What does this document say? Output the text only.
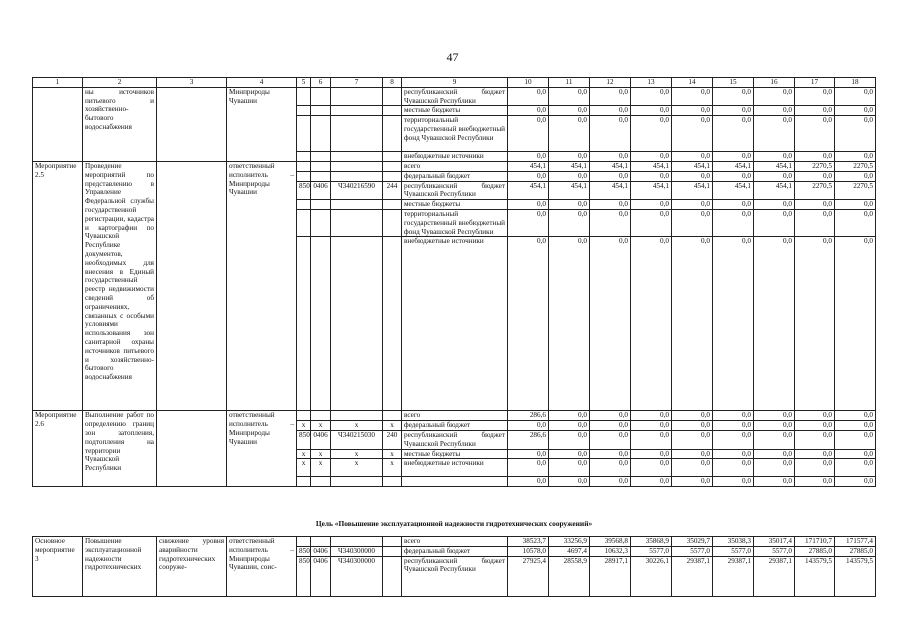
47
1	2	3	4	5	6	7	8	9	10	11	12	13	14	15	16	17	18
	ны источников питьевого и хозяйственно-бытового водоснабжения		Минприроды Чувашии					республиканский бюджет Чувашской Республики	0,0	0,0	0,0	0,0	0,0	0,0	0,0	0,0	0,0
								местные бюджеты	0,0	0,0	0,0	0,0	0,0	0,0	0,0	0,0	0,0
								территориальный государственный внебюджетный фонд Чувашской Республики	0,0	0,0	0,0	0,0	0,0	0,0	0,0	0,0	0,0
								внебюджетные источники	0,0	0,0	0,0	0,0	0,0	0,0	0,0	0,0	0,0
Мероприятие 2.5	Проведение мероприятий по представлению в Управление Федеральной службы государственной регистрации, кадастра и картографии по Чувашской Республике документов, необходимых для внесения в Единый государственный реестр недвижимости сведений об ограничениях, связанных с особыми условиями использования зон санитарной охраны источников питьевого и хозяйственно-бытового водоснабжения		ответственный исполнитель – Минприроды Чувашии					всего	454,1	454,1	454,1	454,1	454,1	454,1	454,1	2270,5	2270,5
								федеральный бюджет	0,0	0,0	0,0	0,0	0,0	0,0	0,0	0,0	0,0
				850	0406	Ч340216590	244	республиканский бюджет Чувашской Республики	454,1	454,1	454,1	454,1	454,1	454,1	454,1	2270,5	2270,5
								местные бюджеты	0,0	0,0	0,0	0,0	0,0	0,0	0,0	0,0	0,0
								территориальный государственный внебюджетный фонд Чувашской Республики	0,0	0,0	0,0	0,0	0,0	0,0	0,0	0,0	0,0
								внебюджетные источники	0,0	0,0	0,0	0,0	0,0	0,0	0,0	0,0	0,0
Мероприятие 2.6	Выполнение работ по определению границ зон затопления, подтопления на территории Чувашской Республики		ответственный исполнитель – Минприроды Чувашии					всего	286,6	0,0	0,0	0,0	0,0	0,0	0,0	0,0	0,0
				x	x	x	x	федеральный бюджет	0,0	0,0	0,0	0,0	0,0	0,0	0,0	0,0	0,0
				850	0406	Ч340215030	240	республиканский бюджет Чувашской Республики	286,6	0,0	0,0	0,0	0,0	0,0	0,0	0,0	0,0
				x	x	x	x	местные бюджеты	0,0	0,0	0,0	0,0	0,0	0,0	0,0	0,0	0,0
				x	x	x	x	внебюджетные источники	0,0	0,0	0,0	0,0	0,0	0,0	0,0	0,0	0,0
									0,0	0,0	0,0	0,0	0,0	0,0	0,0	0,0	0,0
Цель «Повышение эксплуатационной надежности гидротехнических сооружений»
Основное мероприятие 3	Повышение эксплуатационной надежности гидротехнических	снижение уровня аварийности гидротехнических сооруже-	ответственный исполнитель – Минприроды Чувашии, соис-					всего	38523,7	33256,9	39568,8	35868,9	35029,7	35038,3	35017,4	171710,7	171577,4
				850	0406	Ч340300000		федеральный бюджет	10578,0	4697,4	10632,3	5577,0	5577,0	5577,0	5577,0	27885,0	27885,0
				850	0406	Ч340300000		республиканский бюджет Чувашской Республики	27925,4	28558,9	28917,1	30226,1	29387,1	29387,1	29387,1	143579,5	143579,5
